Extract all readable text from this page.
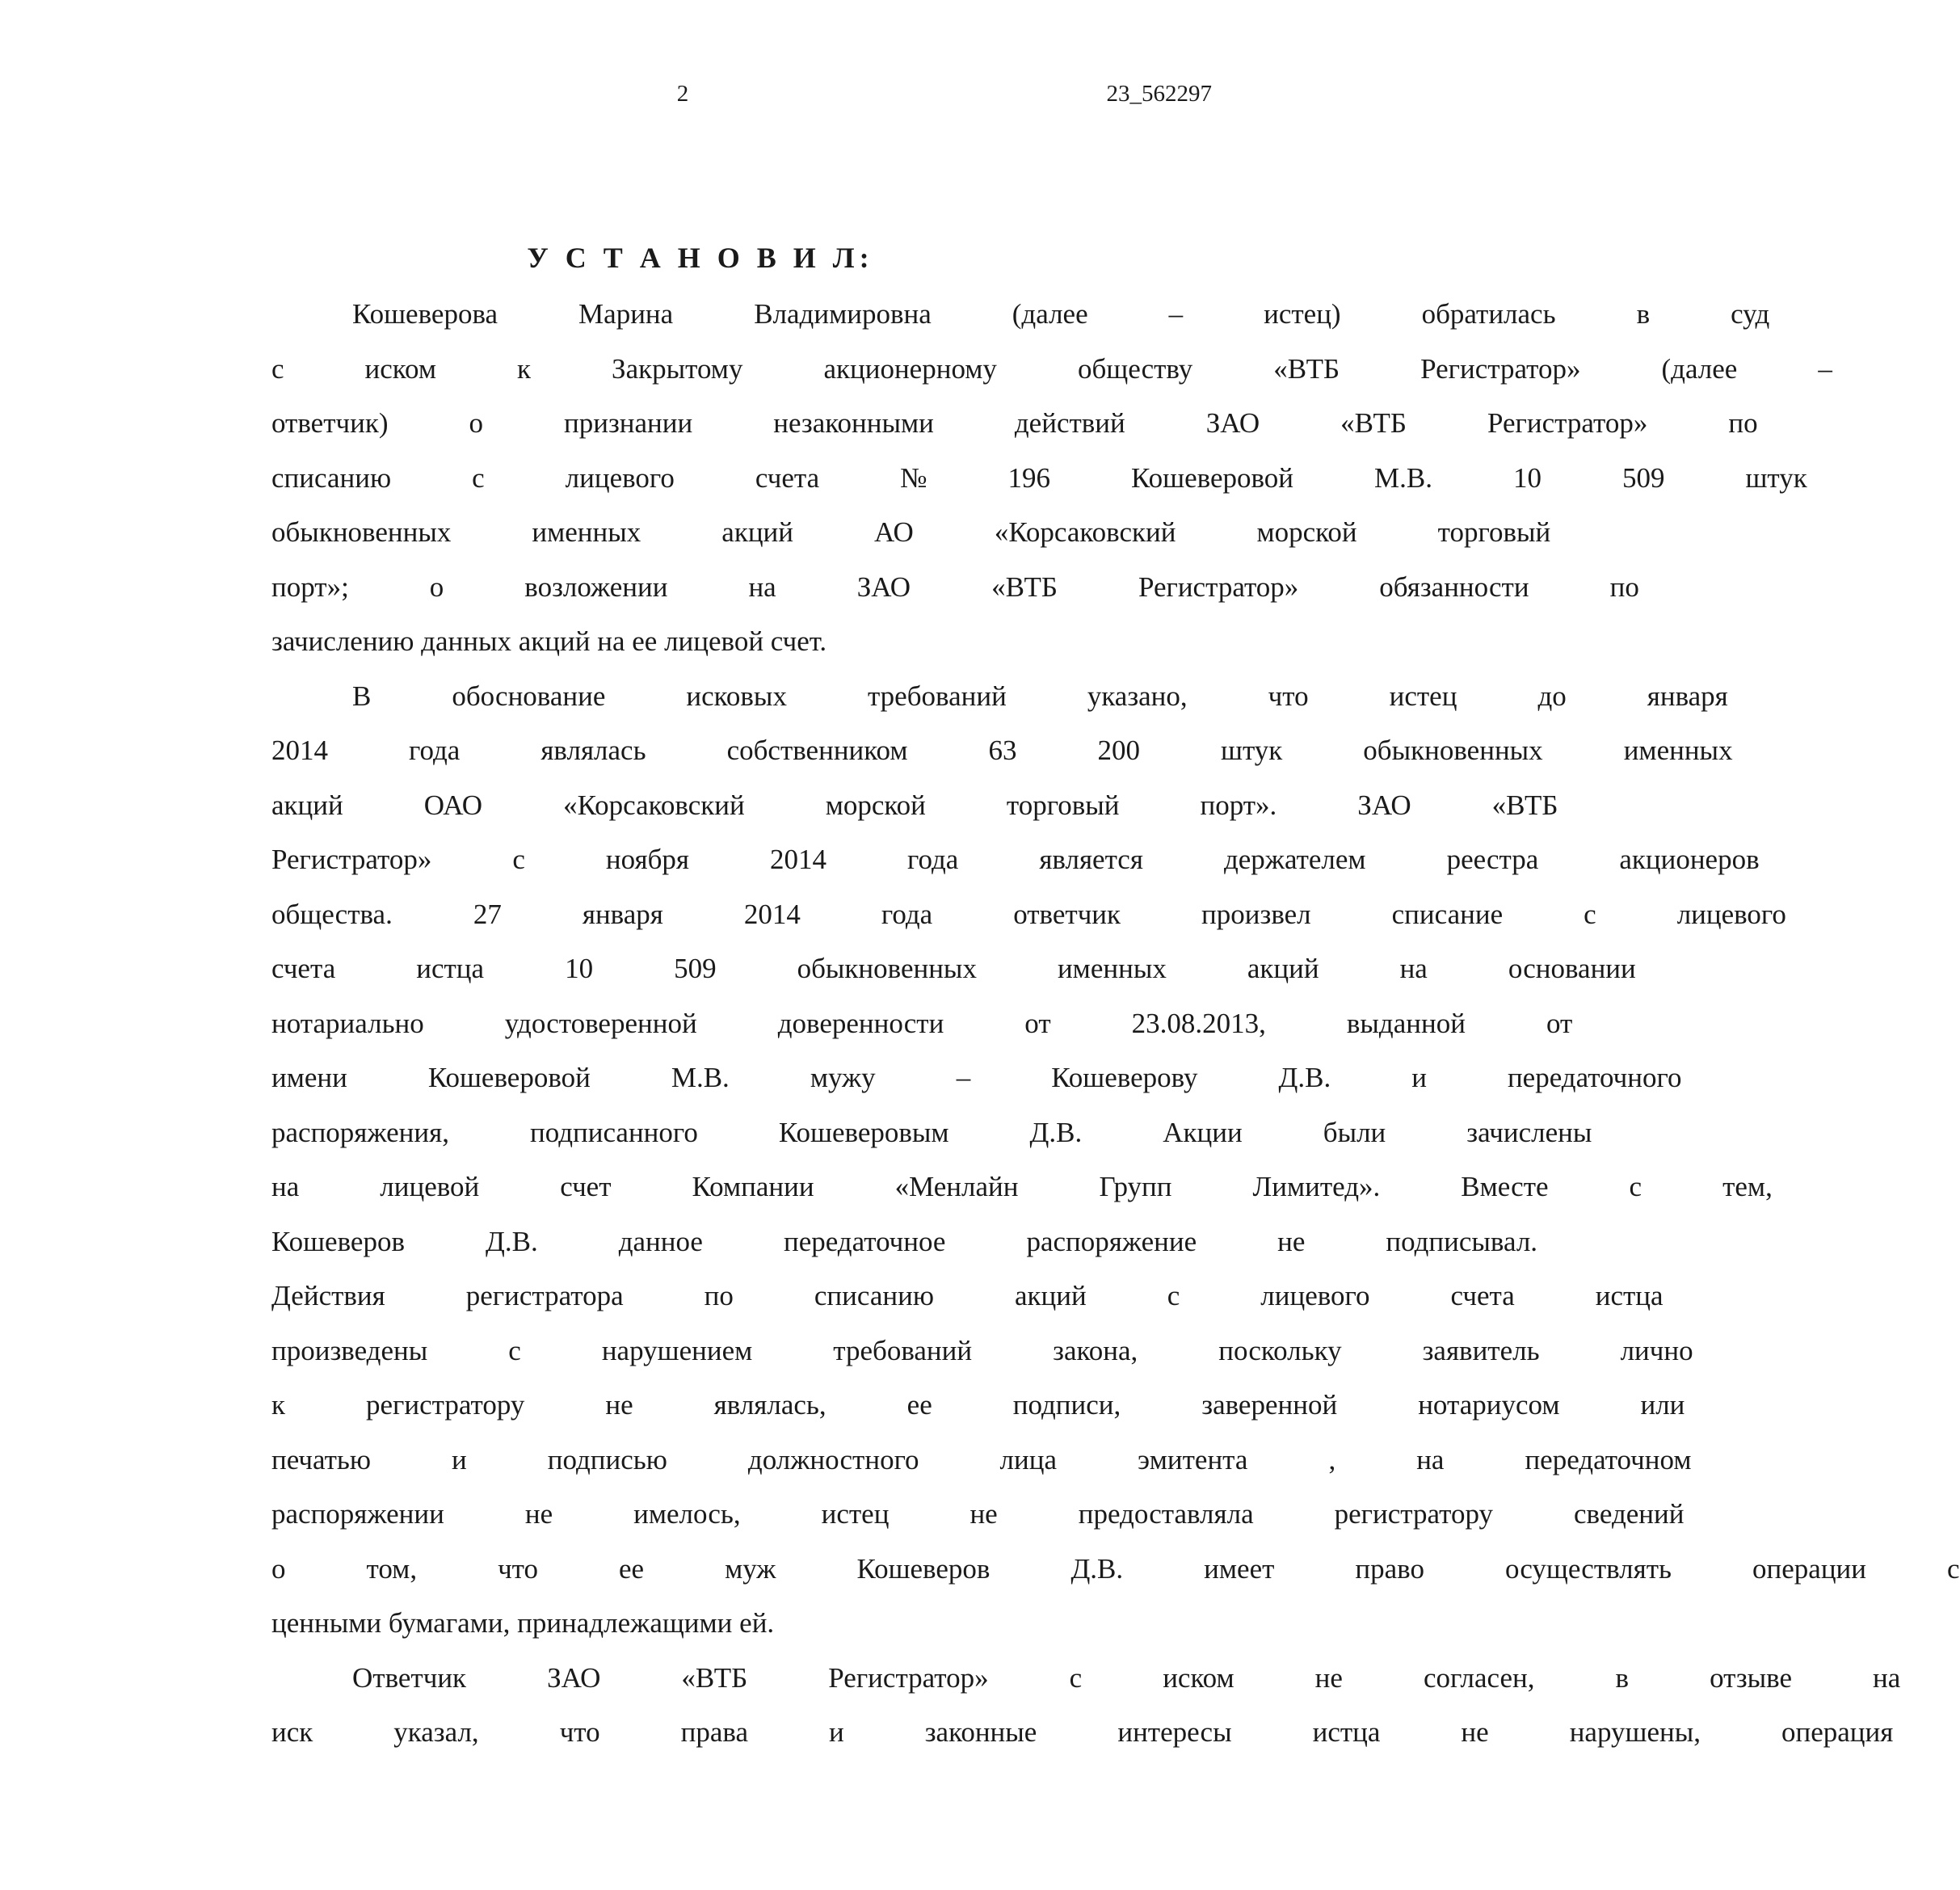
2	23_562297
У С Т А Н О В И Л:
Кошеверова	Марина	Владимировна	(далее	–	истец)	обратилась	в	суд
с	иском	к	Закрытому	акционерному	обществу	«ВТБ	Регистратор»	(далее	–
ответчик)	о	признании	незаконными	действий	ЗАО	«ВТБ	Регистратор»	по
списанию	с	лицевого	счета	№	196	Кошеверовой	М.В.	10	509	штук
обыкновенных	именных	акций	АО	«Корсаковский	морской	торговый
порт»;	о	возложении	на	ЗАО	«ВТБ	Регистратор»	обязанности	по
зачислению данных акций на ее лицевой счет.
В	обоснование	исковых	требований	указано,	что	истец	до	января
2014	года	являлась	собственником	63	200	штук	обыкновенных	именных
акций	ОАО	«Корсаковский	морской	торговый	порт».	ЗАО	«ВТБ
Регистратор»	с	ноября	2014	года	является	держателем	реестра	акционеров
общества.	27	января	2014	года	ответчик	произвел	списание	с	лицевого
счета	истца	10	509	обыкновенных	именных	акций	на	основании
нотариально	удостоверенной	доверенности	от	23.08.2013,	выданной	от
имени	Кошеверовой	М.В.	мужу	–	Кошеверову	Д.В.	и	передаточного
распоряжения,	подписанного	Кошеверовым	Д.В.	Акции	были	зачислены
на	лицевой	счет	Компании	«Менлайн	Групп	Лимитед».	Вместе	с	тем,
Кошеверов	Д.В.	данное	передаточное	распоряжение	не	подписывал.
Действия	регистратора	по	списанию	акций	с	лицевого	счета	истца
произведены	с	нарушением	требований	закона,	поскольку	заявитель	лично
к	регистратору	не	являлась,	ее	подписи,	заверенной	нотариусом	или
печатью	и	подписью	должностного	лица	эмитента	,	на	передаточном
распоряжении	не	имелось,	истец	не	предоставляла	регистратору	сведений
о	том,	что	ее	муж	Кошеверов	Д.В.	имеет	право	осуществлять	операции	с
ценными бумагами, принадлежащими ей.
Ответчик	ЗАО	«ВТБ	Регистратор»	с	иском	не	согласен,	в	отзыве	на
иск	указал,	что	права	и	законные	интересы	истца	не	нарушены,	операция
